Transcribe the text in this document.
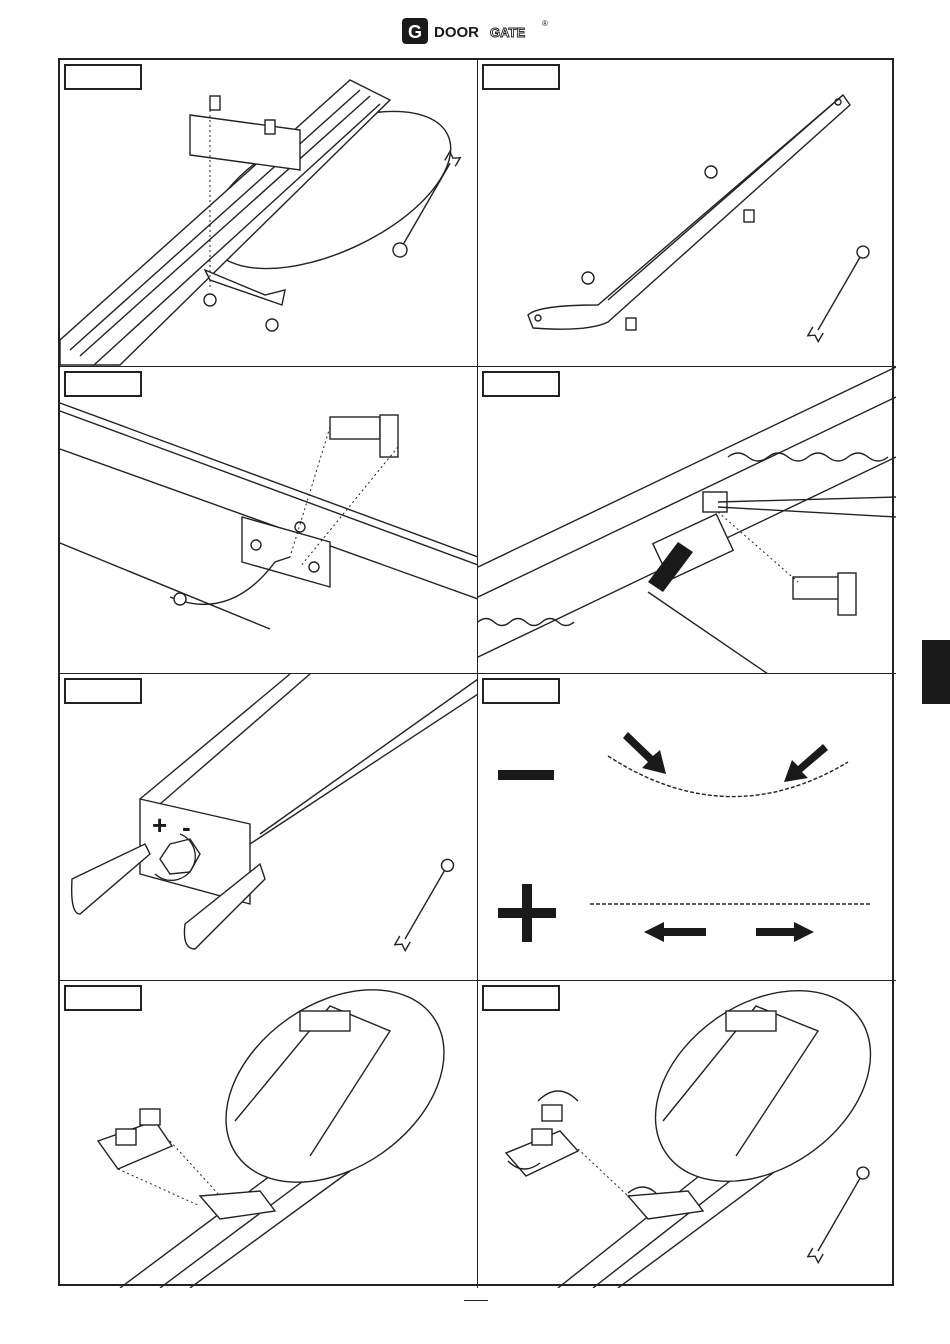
G DOOR GATE
®
+ -
